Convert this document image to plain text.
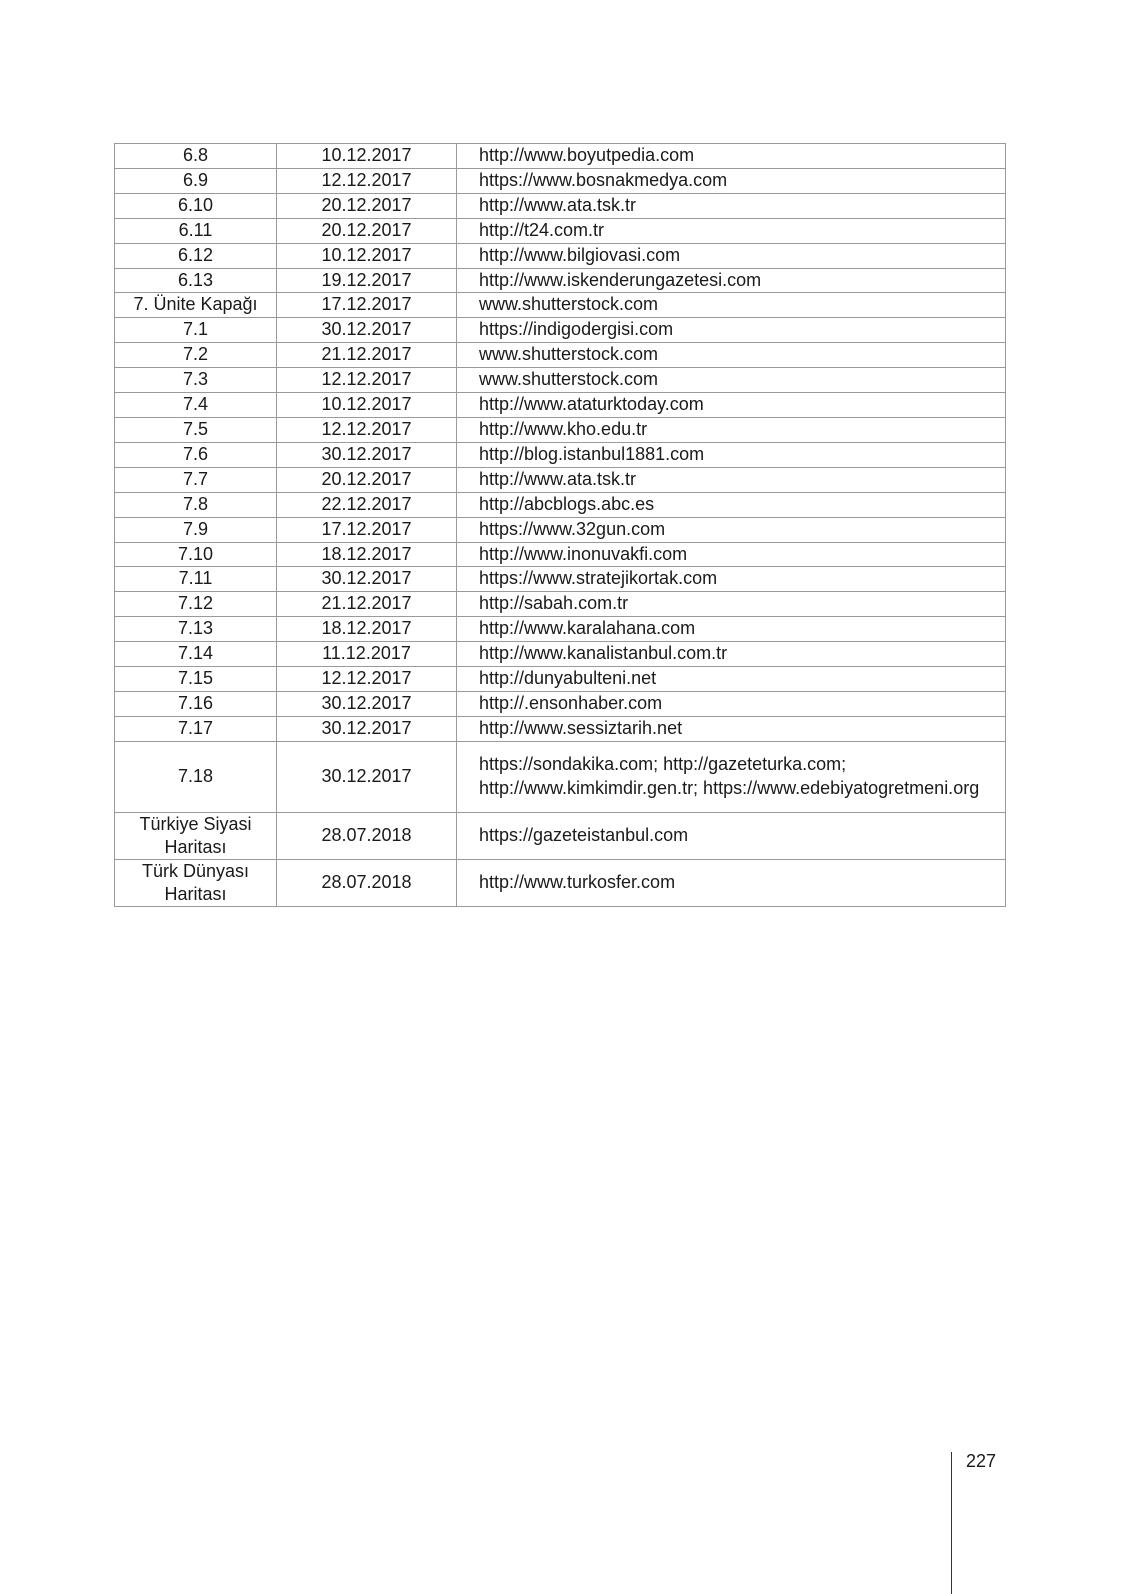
6.8	10.12.2017	http://www.boyutpedia.com
6.9	12.12.2017	https://www.bosnakmedya.com
6.10	20.12.2017	http://www.ata.tsk.tr
6.11	20.12.2017	http://t24.com.tr
6.12	10.12.2017	http://www.bilgiovasi.com
6.13	19.12.2017	http://www.iskenderungazetesi.com
7. Ünite Kapağı	17.12.2017	www.shutterstock.com
7.1	30.12.2017	https://indigodergisi.com
7.2	21.12.2017	www.shutterstock.com
7.3	12.12.2017	www.shutterstock.com
7.4	10.12.2017	http://www.ataturktoday.com
7.5	12.12.2017	http://www.kho.edu.tr
7.6	30.12.2017	http://blog.istanbul1881.com
7.7	20.12.2017	http://www.ata.tsk.tr
7.8	22.12.2017	http://abcblogs.abc.es
7.9	17.12.2017	https://www.32gun.com
7.10	18.12.2017	http://www.inonuvakfi.com
7.11	30.12.2017	https://www.stratejikortak.com
7.12	21.12.2017	http://sabah.com.tr
7.13	18.12.2017	http://www.karalahana.com
7.14	11.12.2017	http://www.kanalistanbul.com.tr
7.15	12.12.2017	http://dunyabulteni.net
7.16	30.12.2017	http://.ensonhaber.com
7.17	30.12.2017	http://www.sessiztarih.net
7.18	30.12.2017	https://sondakika.com; http://gazeteturka.com; http://www.kimkimdir.gen.tr; https://www.edebiyatogretmeni.org
Türkiye Siyasi Haritası	28.07.2018	https://gazeteistanbul.com
Türk Dünyası Haritası	28.07.2018	http://www.turkosfer.com
227
